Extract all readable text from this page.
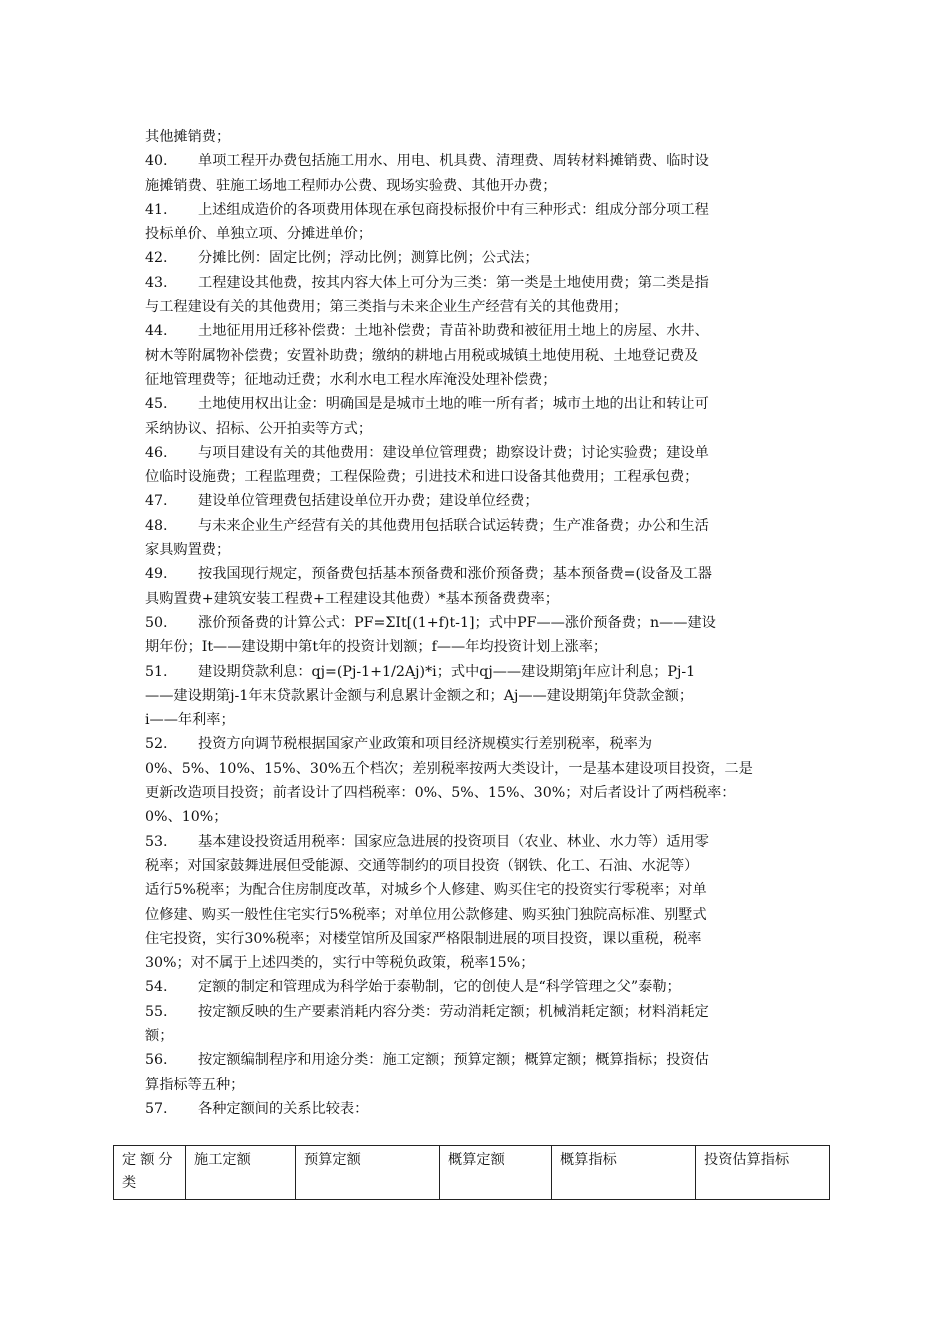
其他摊销费；
40. 单项工程开办费包括施工用水、用电、机具费、清理费、周转材料摊销费、临时设
施摊销费、驻施工场地工程师办公费、现场实验费、其他开办费；
41. 上述组成造价的各项费用体现在承包商投标报价中有三种形式：组成分部分项工程
投标单价、单独立项、分摊进单价；
42. 分摊比例：固定比例；浮动比例；测算比例；公式法；
43. 工程建设其他费，按其内容大体上可分为三类：第一类是土地使用费；第二类是指
与工程建设有关的其他费用；第三类指与未来企业生产经营有关的其他费用；
44. 土地征用用迁移补偿费：土地补偿费；青苗补助费和被征用土地上的房屋、水井、
树木等附属物补偿费；安置补助费；缴纳的耕地占用税或城镇土地使用税、土地登记费及
征地管理费等；征地动迁费；水利水电工程水库淹没处理补偿费；
45. 土地使用权出让金：明确国是是城市土地的唯一所有者；城市土地的出让和转让可
采纳协议、招标、公开拍卖等方式；
46. 与项目建设有关的其他费用：建设单位管理费；勘察设计费；讨论实验费；建设单
位临时设施费；工程监理费；工程保险费；引进技术和进口设备其他费用；工程承包费；
47. 建设单位管理费包括建设单位开办费；建设单位经费；
48. 与未来企业生产经营有关的其他费用包括联合试运转费；生产准备费；办公和生活
家具购置费；
49. 按我国现行规定，预备费包括基本预备费和涨价预备费；基本预备费=(设备及工器
具购置费+建筑安装工程费+工程建设其他费）*基本预备费费率；
50. 涨价预备费的计算公式：PF=ΣIt[(1+f)t-1]；式中PF——涨价预备费；n——建设
期年份；It——建设期中第t年的投资计划额；f——年均投资计划上涨率；
51. 建设期贷款利息：qj=(Pj-1+1/2Aj)*i；式中qj——建设期第j年应计利息；Pj-1
——建设期第j-1年末贷款累计金额与利息累计金额之和；Aj——建设期第j年贷款金额；
i——年利率；
52. 投资方向调节税根据国家产业政策和项目经济规模实行差别税率，税率为
0%、5%、10%、15%、30%五个档次；差别税率按两大类设计，一是基本建设项目投资，二是
更新改造项目投资；前者设计了四档税率：0%、5%、15%、30%；对后者设计了两档税率：
0%、10%；
53. 基本建设投资适用税率：国家应急进展的投资项目（农业、林业、水力等）适用零
税率；对国家鼓舞进展但受能源、交通等制约的项目投资（钢铁、化工、石油、水泥等）
适行5%税率；为配合住房制度改革，对城乡个人修建、购买住宅的投资实行零税率；对单
位修建、购买一般性住宅实行5%税率；对单位用公款修建、购买独门独院高标准、别墅式
住宅投资，实行30%税率；对楼堂馆所及国家严格限制进展的项目投资，课以重税，税率
30%；对不属于上述四类的，实行中等税负政策，税率15%；
54. 定额的制定和管理成为科学始于泰勒制，它的创使人是“科学管理之父”泰勒；
55. 按定额反映的生产要素消耗内容分类：劳动消耗定额；机械消耗定额；材料消耗定
额；
56. 按定额编制程序和用途分类：施工定额；预算定额；概算定额；概算指标；投资估
算指标等五种；
57. 各种定额间的关系比较表：
定额分类	施工定额	预算定额	概算定额	概算指标	投资估算指标
